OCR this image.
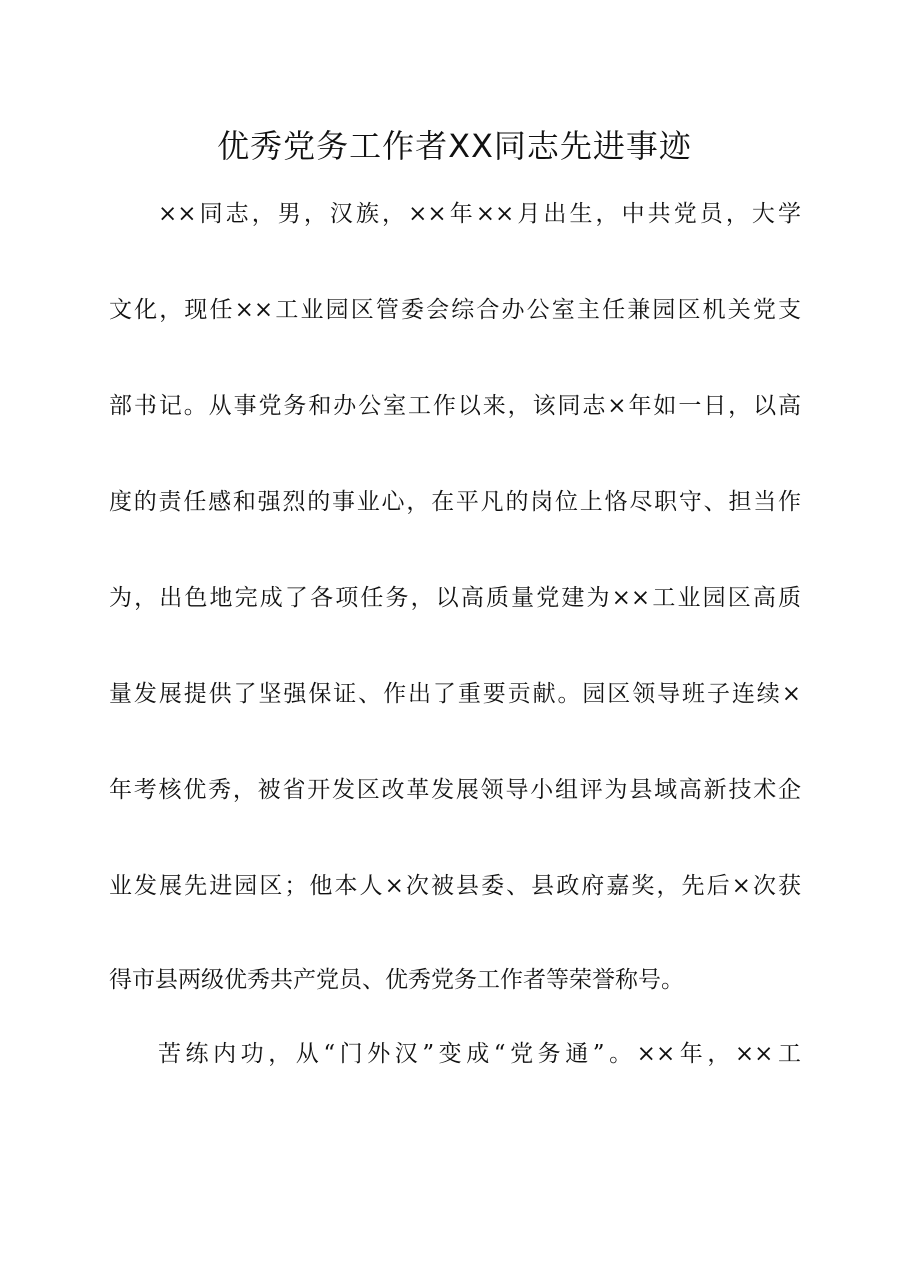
优秀党务工作者XX同志先进事迹
××同志，男，汉族，××年××月出生，中共党员，大学
文化，现任××工业园区管委会综合办公室主任兼园区机关党支
部书记。从事党务和办公室工作以来，该同志×年如一日，以高
度的责任感和强烈的事业心，在平凡的岗位上恪尽职守、担当作
为，出色地完成了各项任务，以高质量党建为××工业园区高质
量发展提供了坚强保证、作出了重要贡献。园区领导班子连续×
年考核优秀，被省开发区改革发展领导小组评为县域高新技术企
业发展先进园区；他本人×次被县委、县政府嘉奖，先后×次获
得市县两级优秀共产党员、优秀党务工作者等荣誉称号。
苦练内功，从“门外汉”变成“党务通”。××年，××工
